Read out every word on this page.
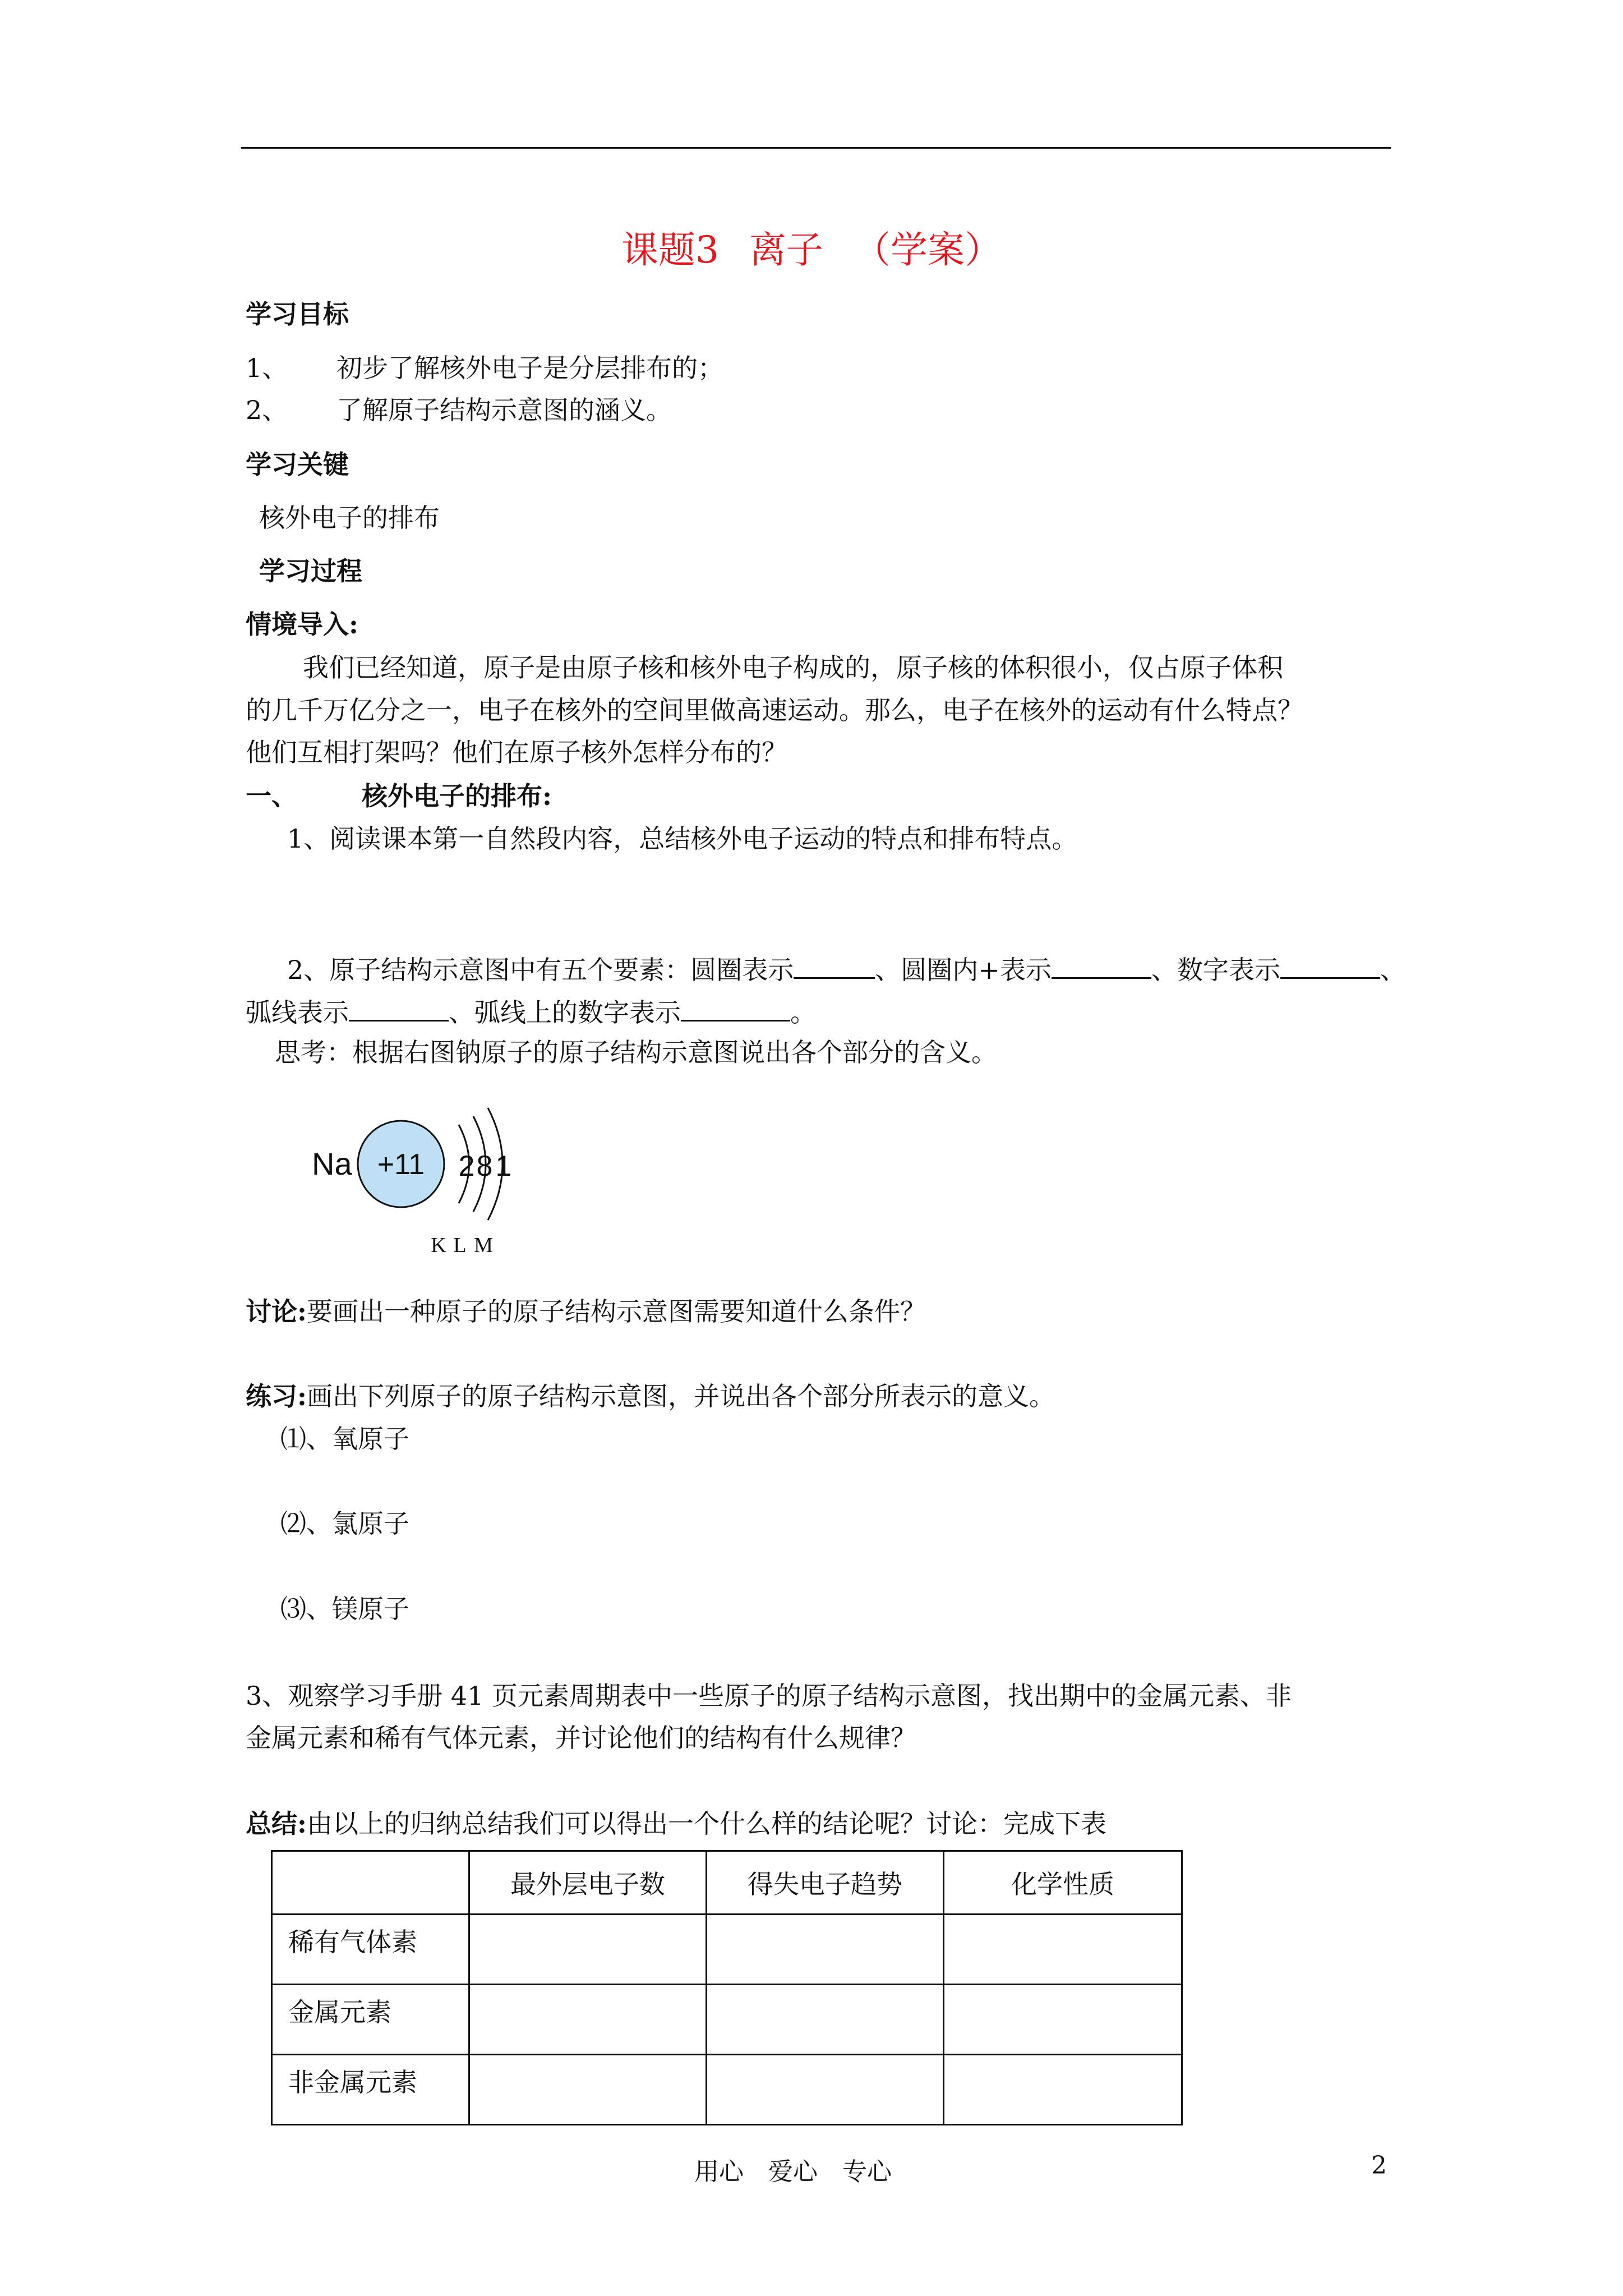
课题3 离子 （学案）
学习目标
1、 初步了解核外电子是分层排布的；
2、 了解原子结构示意图的涵义。
学习关键
核外电子的排布
学习过程
情境导入:
我们已经知道，原子是由原子核和核外电子构成的，原子核的体积很小，仅占原子体积
的几千万亿分之一，电子在核外的空间里做高速运动。那么，电子在核外的运动有什么特点？
他们互相打架吗？他们在原子核外怎样分布的？
一、	核外电子的排布:
1、阅读课本第一自然段内容，总结核外电子运动的特点和排布特点。
2、原子结构示意图中有五个要素：圆圈表示	、圆圈内+表示	、数字表示	、
弧线表示	、弧线上的数字表示	。
思考：根据右图钠原子的原子结构示意图说出各个部分的含义。
Na +11 2 8 1
K L M
讨论:要画出一种原子的原子结构示意图需要知道什么条件？
练习:画出下列原子的原子结构示意图，并说出各个部分所表示的意义。
⑴、氧原子
⑵、氯原子
⑶、镁原子
3、观察学习手册 41 页元素周期表中一些原子的原子结构示意图，找出期中的金属元素、非
金属元素和稀有气体元素，并讨论他们的结构有什么规律？
总结:由以上的归纳总结我们可以得出一个什么样的结论呢？讨论：完成下表
	最外层电子数	得失电子趋势	化学性质
稀有气体素			
金属元素			
非金属元素			
用心　爱心　专心	2
